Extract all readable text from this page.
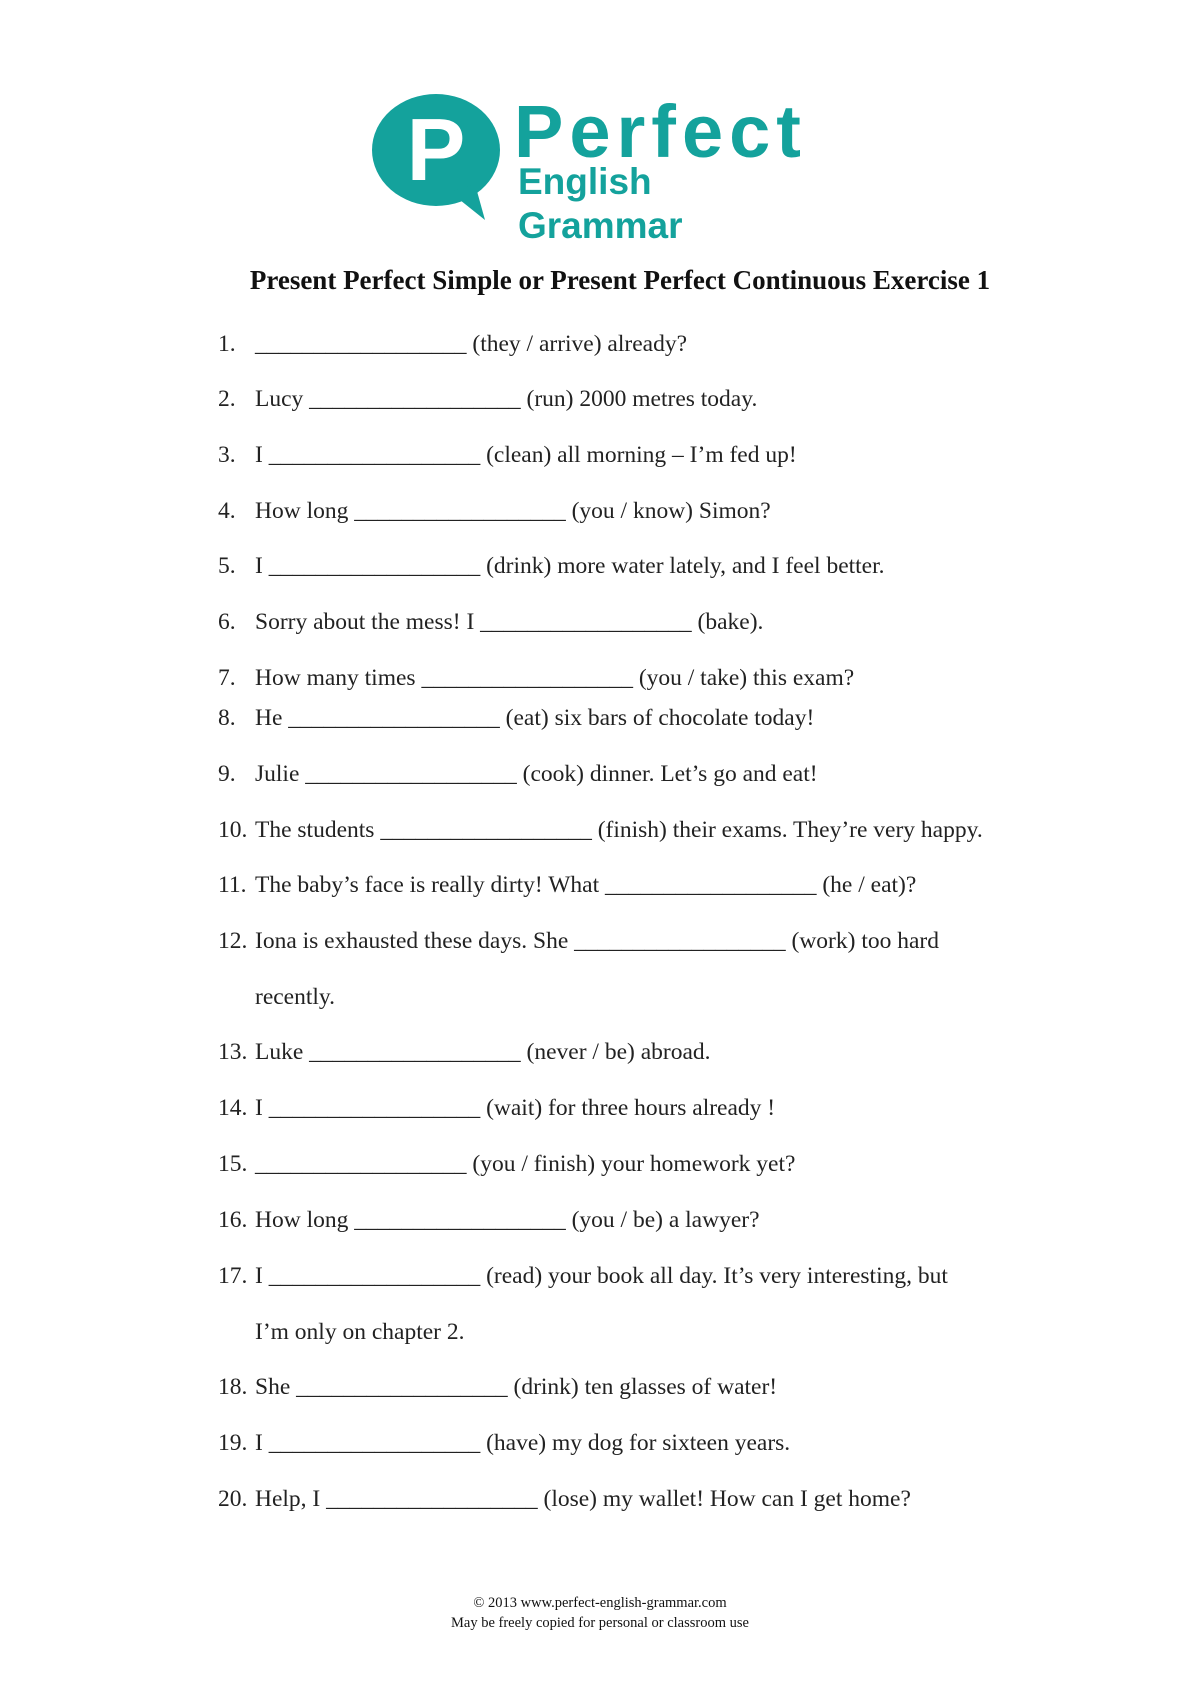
P Perfect
English Grammar
Present Perfect Simple or Present Perfect Continuous Exercise 1
1. __________________ (they / arrive) already?
2. Lucy __________________ (run) 2000 metres today.
3. I __________________ (clean) all morning – I’m fed up!
4. How long __________________ (you / know) Simon?
5. I __________________ (drink) more water lately, and I feel better.
6. Sorry about the mess! I __________________ (bake).
7. How many times __________________ (you / take) this exam?
8. He __________________ (eat) six bars of chocolate today!
9. Julie __________________ (cook) dinner. Let’s go and eat!
10. The students __________________ (finish) their exams. They’re very happy.
11. The baby’s face is really dirty! What __________________ (he / eat)?
12. Iona is exhausted these days. She __________________ (work) too hard
recently.
13. Luke __________________ (never / be) abroad.
14. I __________________ (wait) for three hours already !
15. __________________ (you / finish) your homework yet?
16. How long __________________ (you / be) a lawyer?
17. I __________________ (read) your book all day. It’s very interesting, but
I’m only on chapter 2.
18. She __________________ (drink) ten glasses of water!
19. I __________________ (have) my dog for sixteen years.
20. Help, I __________________ (lose) my wallet! How can I get home?
© 2013 www.perfect-english-grammar.com
May be freely copied for personal or classroom use
